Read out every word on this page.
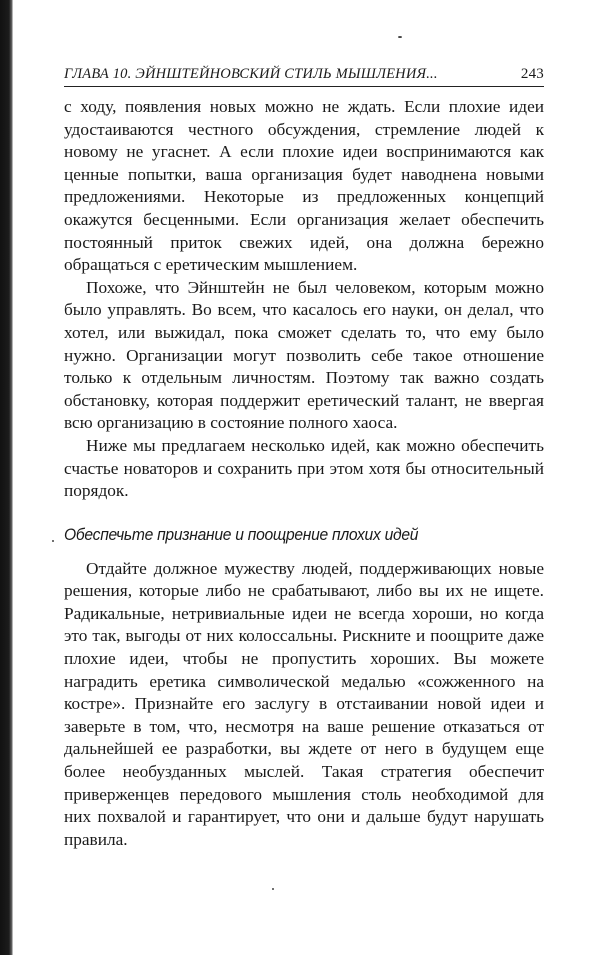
ГЛАВА 10. ЭЙНШТЕЙНОВСКИЙ СТИЛЬ МЫШЛЕНИЯ...	243

с ходу, появления новых можно не ждать. Если плохие идеи удостаиваются честного обсуждения, стремление людей к новому не угаснет. А если плохие идеи воспринимаются как ценные попытки, ваша организация будет наводнена новыми предложениями. Некоторые из предложенных концепций окажутся бесценными. Если организация желает обеспечить постоянный приток свежих идей, она должна бережно обращаться с еретическим мышлением.

Похоже, что Эйнштейн не был человеком, которым можно было управлять. Во всем, что касалось его науки, он делал, что хотел, или выжидал, пока сможет сделать то, что ему было нужно. Организации могут позволить себе такое отношение только к отдельным личностям. Поэтому так важно создать обстановку, которая поддержит еретический талант, не ввергая всю организацию в состояние полного хаоса.

Ниже мы предлагаем несколько идей, как можно обеспечить счастье новаторов и сохранить при этом хотя бы относительный порядок.

Обеспечьте признание и поощрение плохих идей

Отдайте должное мужеству людей, поддерживающих новые решения, которые либо не срабатывают, либо вы их не ищете. Радикальные, нетривиальные идеи не всегда хороши, но когда это так, выгоды от них колоссальны. Рискните и поощрите даже плохие идеи, чтобы не пропустить хороших. Вы можете наградить еретика символической медалью «сожженного на костре». Признайте его заслугу в отстаивании новой идеи и заверьте в том, что, несмотря на ваше решение отказаться от дальнейшей ее разработки, вы ждете от него в будущем еще более необузданных мыслей. Такая стратегия обеспечит приверженцев передового мышления столь необходимой для них похвалой и гарантирует, что они и дальше будут нарушать правила.
